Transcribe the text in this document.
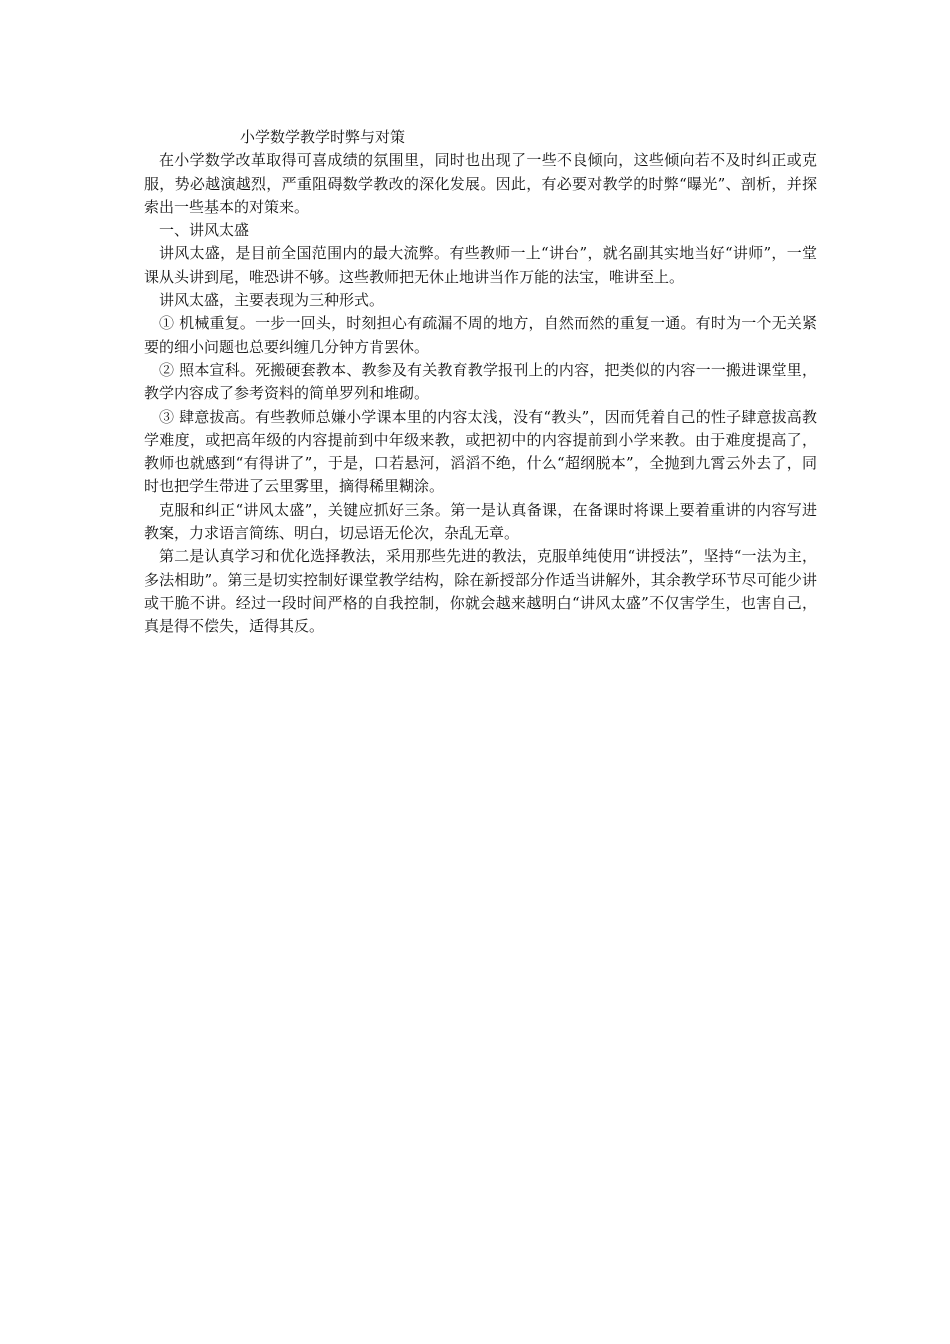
小学数学教学时弊与对策

在小学数学改革取得可喜成绩的氛围里，同时也出现了一些不良倾向，这些倾向若不及时纠正或克服，势必越演越烈，严重阻碍数学教改的深化发展。因此，有必要对教学的时弊“曝光”、剖析，并探索出一些基本的对策来。

一、讲风太盛

讲风太盛，是目前全国范围内的最大流弊。有些教师一上“讲台”，就名副其实地当好“讲师”，一堂课从头讲到尾，唯恐讲不够。这些教师把无休止地讲当作万能的法宝，唯讲至上。

讲风太盛，主要表现为三种形式。

① 机械重复。一步一回头，时刻担心有疏漏不周的地方，自然而然的重复一通。有时为一个无关紧要的细小问题也总要纠缠几分钟方肯罢休。

② 照本宣科。死搬硬套教本、教参及有关教育教学报刊上的内容，把类似的内容一一搬进课堂里，教学内容成了参考资料的简单罗列和堆砌。

③ 肆意拔高。有些教师总嫌小学课本里的内容太浅，没有“教头”，因而凭着自己的性子肆意拔高教学难度，或把高年级的内容提前到中年级来教，或把初中的内容提前到小学来教。由于难度提高了，教师也就感到“有得讲了”，于是，口若悬河，滔滔不绝，什么“超纲脱本”，全抛到九霄云外去了，同时也把学生带进了云里雾里，摘得稀里糊涂。

克服和纠正“讲风太盛”，关键应抓好三条。第一是认真备课，在备课时将课上要着重讲的内容写进教案，力求语言简练、明白，切忌语无伦次，杂乱无章。

第二是认真学习和优化选择教法，采用那些先进的教法，克服单纯使用“讲授法”，坚持“一法为主，多法相助”。第三是切实控制好课堂教学结构，除在新授部分作适当讲解外，其余教学环节尽可能少讲或干脆不讲。经过一段时间严格的自我控制，你就会越来越明白“讲风太盛”不仅害学生，也害自己，真是得不偿失，适得其反。
